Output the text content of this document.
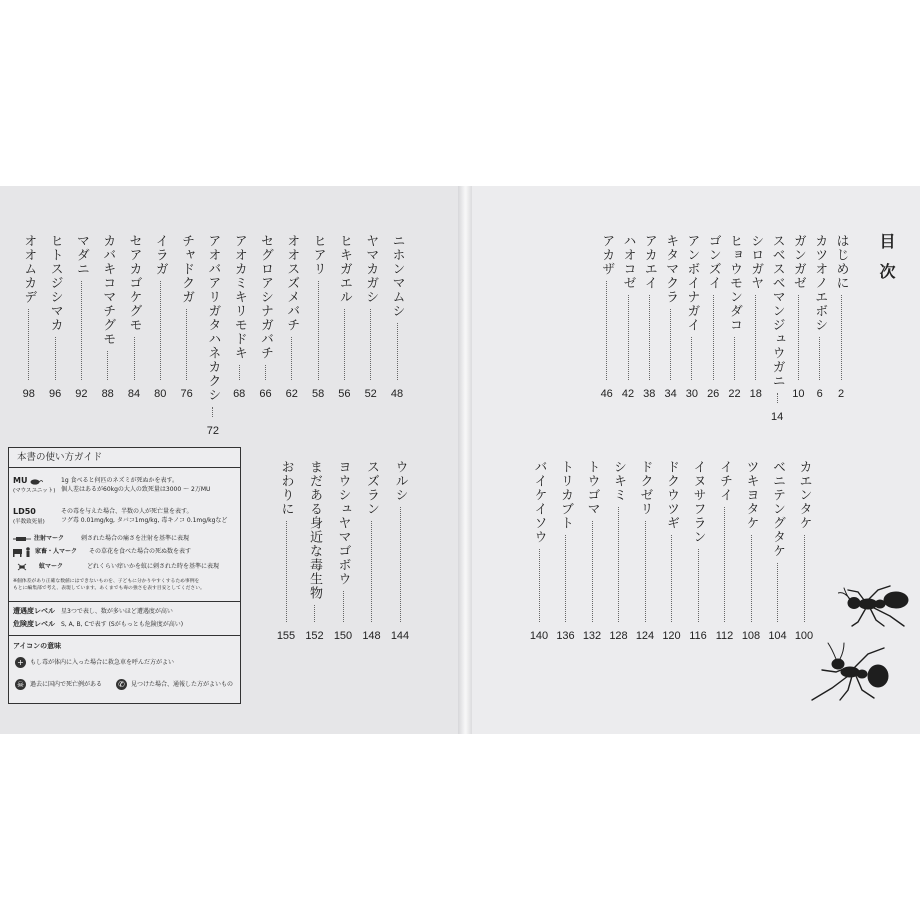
目次
はじめに
2
カツオノエボシ
6
ガンガゼ
10
スベスベマンジュウガニ
14
シロガヤ
18
ヒョウモンダコ
22
ゴンズイ
26
アンボイナガイ
30
キタマクラ
34
アカエイ
38
ハオコゼ
42
アカザ
46
カエンタケ
100
ベニテングタケ
104
ツキヨタケ
108
イチイ
112
イヌサフラン
116
ドクウツギ
120
ドクゼリ
124
シキミ
128
トウゴマ
132
トリカブト
136
バイケイソウ
140
ニホンマムシ
48
ヤマカガシ
52
ヒキガエル
56
ヒアリ
58
オオスズメバチ
62
セグロアシナガバチ
66
アオカミキリモドキ
68
アオバアリガタハネカクシ
72
チャドクガ
76
イラガ
80
セアカゴケグモ
84
カバキコマチグモ
88
マダニ
92
ヒトスジシマカ
96
オオムカデ
98
ウルシ
144
スズラン
148
ヨウシュヤマゴボウ
150
まだある身近な毒生物
152
おわりに
155
本書の使い方ガイド
MU
(マウスユニット)
1g 食べると何匹のネズミが死ぬかを表す。
個人差はあるが60kgの大人の致死量は3000 〜 2万MU
LD50
(半数致死量)
その毒を与えた場合、半数の人が死亡量を表す。
フグ毒 0.01mg/kg, タバコ1mg/kg, 毒キノコ 0.1mg/kgなど
注射マーク	刺された場合の痛さを注射を基準に表現
家畜・人マーク その草花を食べた場合の死ぬ数を表す
蚊マーク	どれくらい痒いかを蚊に刺された時を基準に表現
※個体差があり正確な数値にはできないものを、子どもに分かりやすくするため事例を
もとに編集部で考え、表現しています。あくまでも毒の強さを表す目安としてください。
遭遇度レベル 星3つで表し、数が多いほど遭遇度が高い
危険度レベル S, A, B, Cで表す (Sがもっとも危険度が高い)
アイコンの意味
+	もし毒が体内に入った場合に救急車を呼んだ方がよい
☠ 過去に国内で死亡例がある ✆	見つけた場合、通報した方がよいもの
